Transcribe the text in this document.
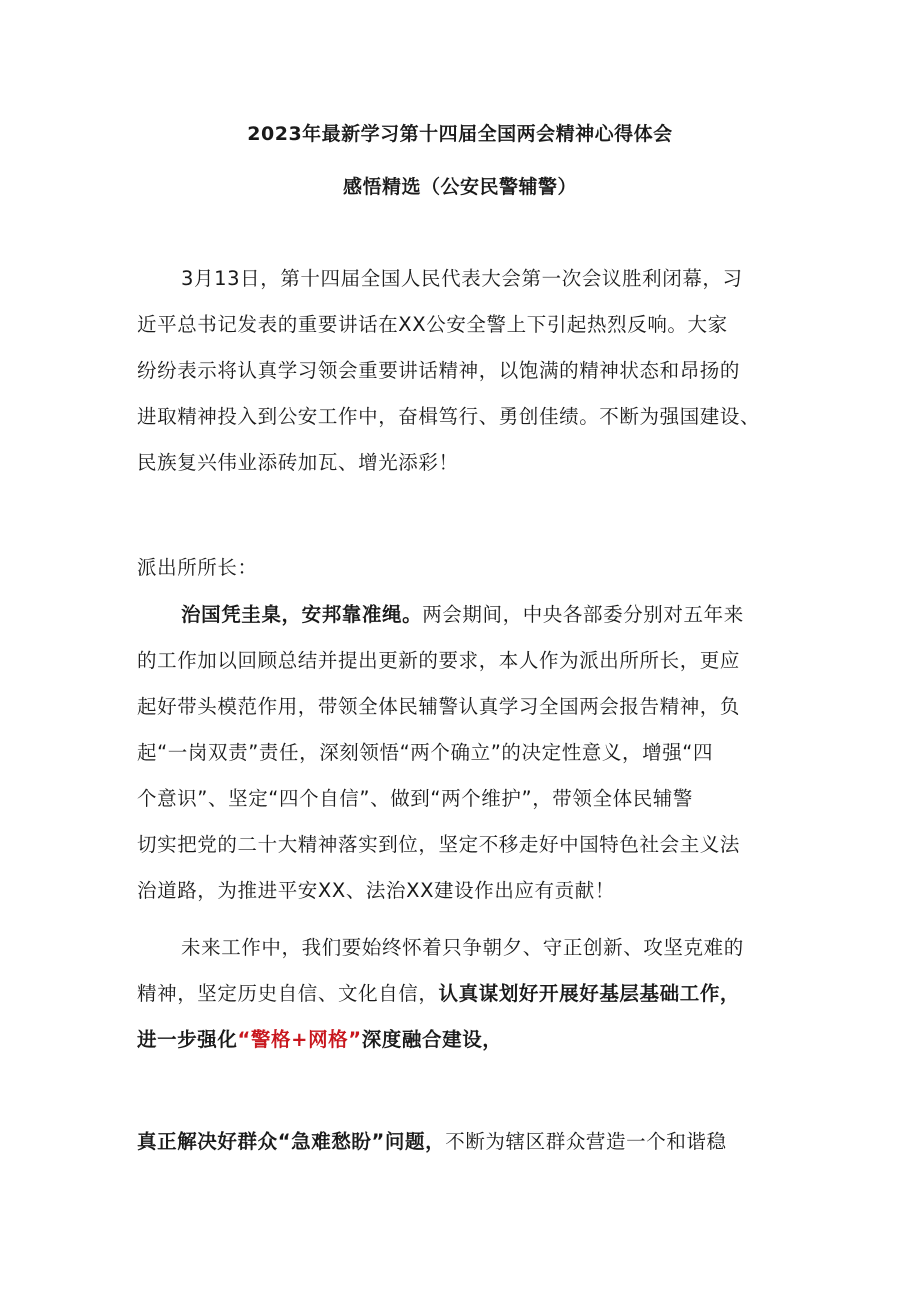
2023年最新学习第十四届全国两会精神心得体会
感悟精选（公安民警辅警）
3月13日，第十四届全国人民代表大会第一次会议胜利闭幕，习
近平总书记发表的重要讲话在XX公安全警上下引起热烈反响。大家
纷纷表示将认真学习领会重要讲话精神，以饱满的精神状态和昂扬的
进取精神投入到公安工作中，奋楫笃行、勇创佳绩。不断为强国建设、
民族复兴伟业添砖加瓦、增光添彩！
派出所所长：
治国凭圭臬，安邦靠准绳。两会期间，中央各部委分别对五年来
的工作加以回顾总结并提出更新的要求，本人作为派出所所长，更应
起好带头模范作用，带领全体民辅警认真学习全国两会报告精神，负
起“一岗双责”责任，深刻领悟“两个确立”的决定性意义，增强“四
个意识”、坚定“四个自信”、做到“两个维护”，带领全体民辅警
切实把党的二十大精神落实到位，坚定不移走好中国特色社会主义法
治道路，为推进平安XX、法治XX建设作出应有贡献！
未来工作中，我们要始终怀着只争朝夕、守正创新、攻坚克难的
精神，坚定历史自信、文化自信，认真谋划好开展好基层基础工作，
进一步强化“警格+网格”深度融合建设，
真正解决好群众“急难愁盼”问题，不断为辖区群众营造一个和谐稳
